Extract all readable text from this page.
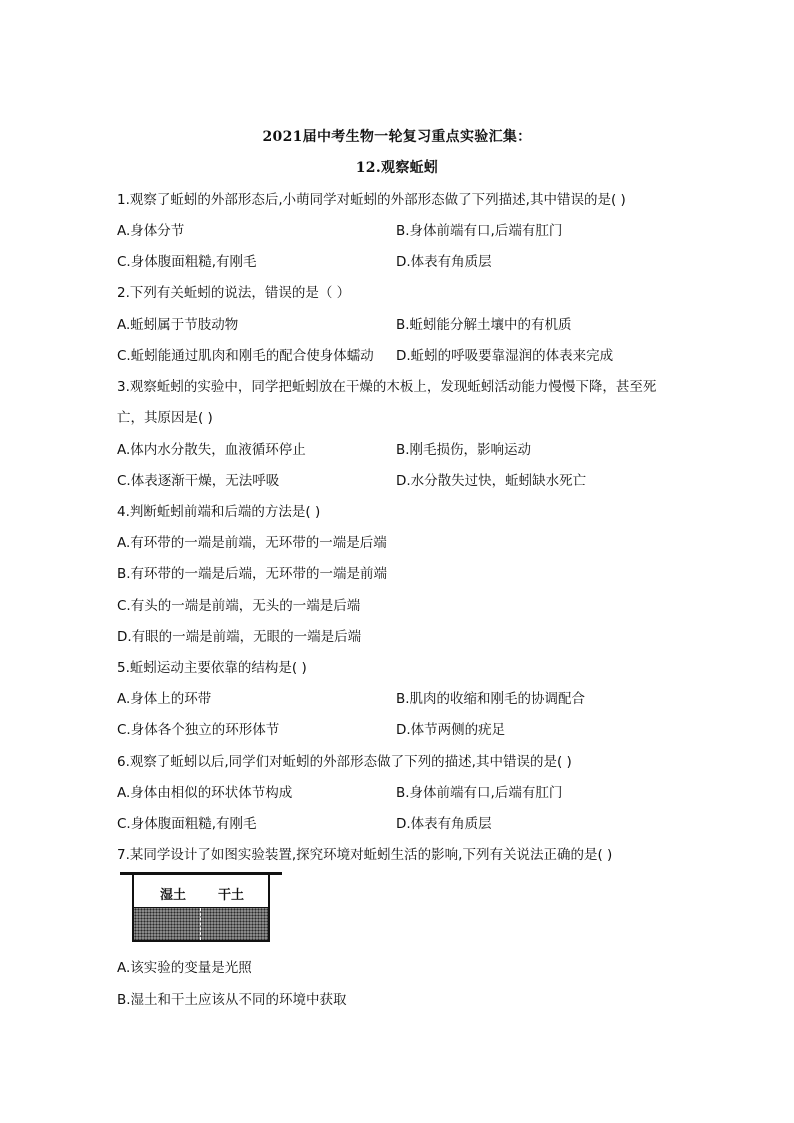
2021届中考生物一轮复习重点实验汇集：
12.观察蚯蚓
1.观察了蚯蚓的外部形态后,小萌同学对蚯蚓的外部形态做了下列描述,其中错误的是( )
A.身体分节	B.身体前端有口,后端有肛门
C.身体腹面粗糙,有刚毛	D.体表有角质层
2.下列有关蚯蚓的说法，错误的是（ ）
A.蚯蚓属于节肢动物	B.蚯蚓能分解土壤中的有机质
C.蚯蚓能通过肌肉和刚毛的配合使身体蠕动 D.蚯蚓的呼吸要靠湿润的体表来完成
3.观察蚯蚓的实验中，同学把蚯蚓放在干燥的木板上，发现蚯蚓活动能力慢慢下降，甚至死
亡，其原因是( )
A.体内水分散失，血液循环停止	B.刚毛损伤，影响运动
C.体表逐渐干燥，无法呼吸	D.水分散失过快，蚯蚓缺水死亡
4.判断蚯蚓前端和后端的方法是( )
A.有环带的一端是前端，无环带的一端是后端
B.有环带的一端是后端，无环带的一端是前端
C.有头的一端是前端，无头的一端是后端
D.有眼的一端是前端，无眼的一端是后端
5.蚯蚓运动主要依靠的结构是( )
A.身体上的环带	B.肌肉的收缩和刚毛的协调配合
C.身体各个独立的环形体节	D.体节两侧的疣足
6.观察了蚯蚓以后,同学们对蚯蚓的外部形态做了下列的描述,其中错误的是( )
A.身体由相似的环状体节构成	B.身体前端有口,后端有肛门
C.身体腹面粗糙,有刚毛	D.体表有角质层
7.某同学设计了如图实验装置,探究环境对蚯蚓生活的影响,下列有关说法正确的是( )
湿土 干土
A.该实验的变量是光照
B.湿土和干土应该从不同的环境中获取
